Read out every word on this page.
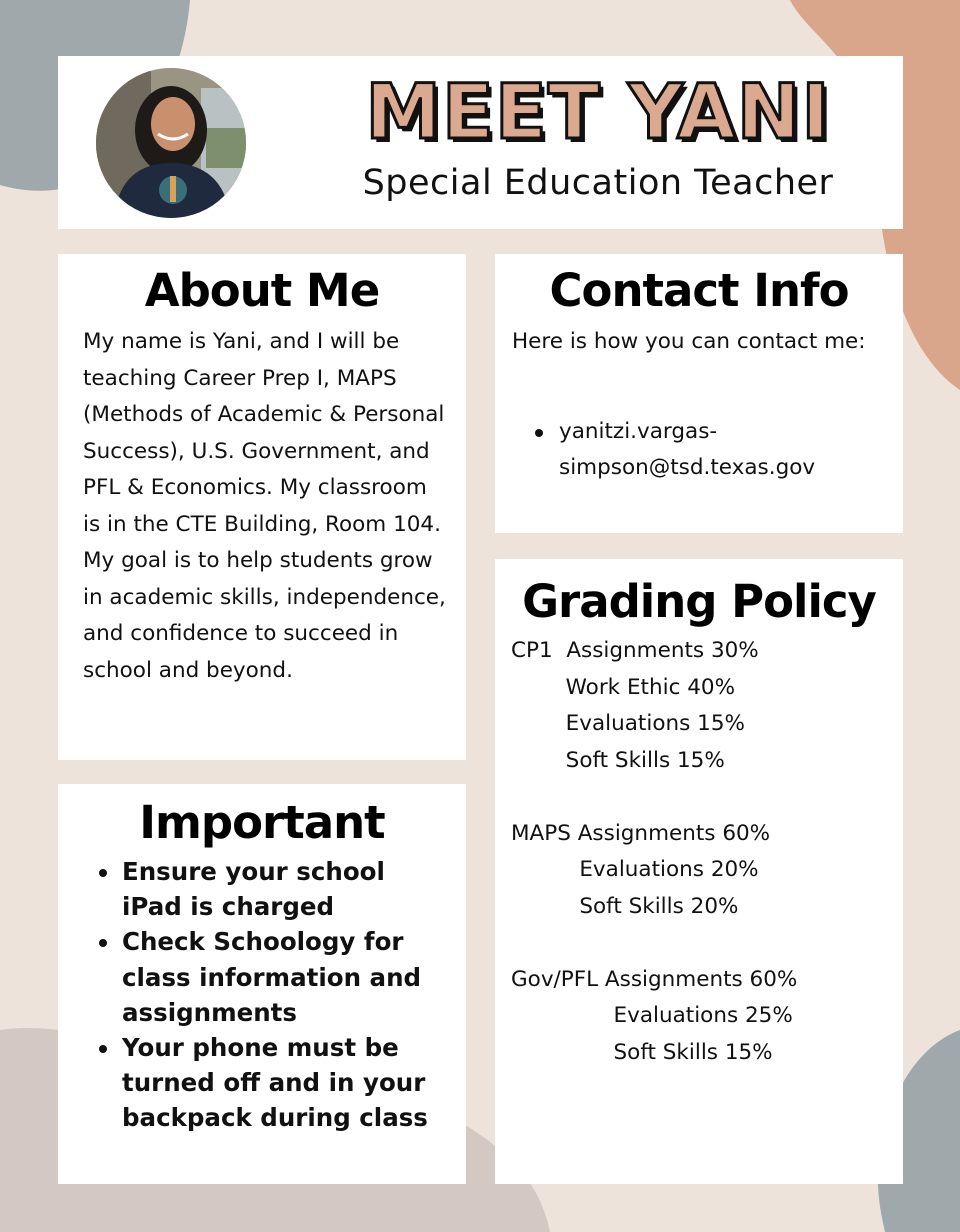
MEET YANI
Special Education Teacher
About Me

My name is Yani, and I will be teaching Career Prep I, MAPS (Methods of Academic & Personal Success), U.S. Government, and PFL & Economics. My classroom is in the CTE Building, Room 104. My goal is to help students grow in academic skills, independence, and confidence to succeed in school and beyond.

Contact Info

Here is how you can contact me:

yanitzi.vargas-simpson@tsd.texas.gov
Grading Policy
CP1  Assignments 30%
Work Ethic 40%
Evaluations 15%
Soft Skills 15%
MAPS Assignments 60%
Evaluations 20%
Soft Skills 20%
Gov/PFL Assignments 60%
Evaluations 25%
Soft Skills 15%
Important
Ensure your school iPad is charged
Check Schoology for class information and assignments
Your phone must be turned off and in your backpack during class
